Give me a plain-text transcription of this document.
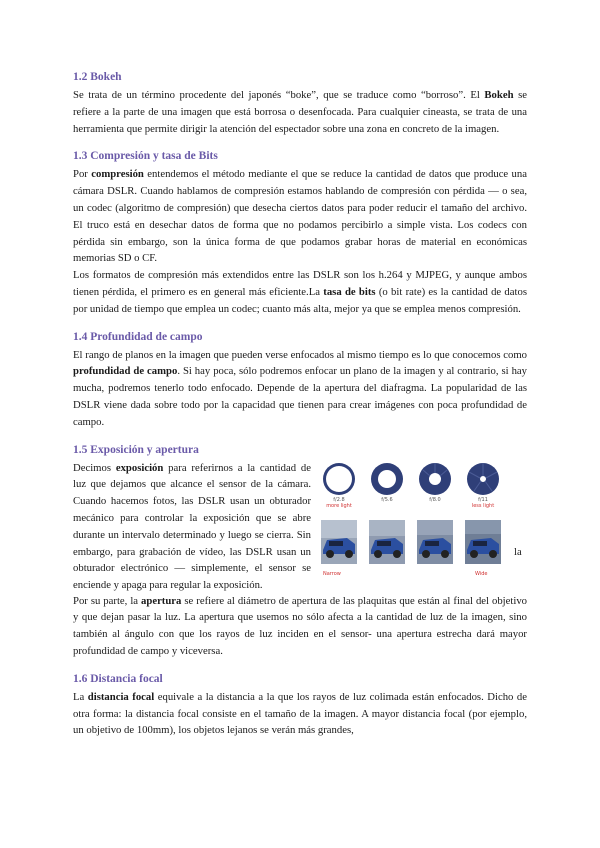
1.2 Bokeh

Se trata de un término procedente del japonés “boke”, que se traduce como “borroso”. El Bokeh se refiere a la parte de una imagen que está borrosa o desenfocada. Para cualquier cineasta, se trata de una herramienta que permite dirigir la atención del espectador sobre una zona en concreto de la imagen.

1.3 Compresión y tasa de Bits

Por compresión entendemos el método mediante el que se reduce la cantidad de datos que produce una cámara DSLR. Cuando hablamos de compresión estamos hablando de compresión con pérdida — o sea, un codec (algoritmo de compresión) que desecha ciertos datos para poder reducir el tamaño del archivo. El truco está en desechar datos de forma que no podamos percibirlo a simple vista. Los codecs con pérdida sin embargo, son la única forma de que podamos grabar horas de material en económicas memorias SD o CF.

Los formatos de compresión más extendidos entre las DSLR son los h.264 y MJPEG, y aunque ambos tienen pérdida, el primero es en general más eficiente.La tasa de bits (o bit rate) es la cantidad de datos por unidad de tiempo que emplea un codec; cuanto más alta, mejor ya que se emplea menos compresión.

1.4 Profundidad de campo

El rango de planos en la imagen que pueden verse enfocados al mismo tiempo es lo que conocemos como profundidad de campo. Si hay poca, sólo podremos enfocar un plano de la imagen y al contrario, si hay mucha, podremos tenerlo todo enfocado. Depende de la apertura del diafragma. La popularidad de las DSLR viene dada sobre todo por la capacidad que tienen para crear imágenes con poca profundidad de campo.

1.5 Exposición y apertura

Decimos exposición para referirnos a la cantidad de luz que dejamos que alcance el sensor de la cámara. Cuando hacemos fotos, las DSLR usan un obturador mecánico para controlar la exposición que se abre durante un intervalo determinado y luego se cierra. Sin embargo, para grabación de vídeo, las DSLR usan un obturador electrónico — simplemente, el sensor se enciende y apaga para regular la exposición.

la
f/2.8
more light
f/5.6	f/8.0	f/11
less light
Narrow	Wide

Por su parte, la apertura se refiere al diámetro de apertura de las plaquitas que están al final del objetivo y que dejan pasar la luz. La apertura que usemos no sólo afecta a la cantidad de luz de la imagen, sino también al ángulo con que los rayos de luz inciden en el sensor- una apertura estrecha dará mayor profundidad de campo y viceversa.

1.6 Distancia focal

La distancia focal equivale a la distancia a la que los rayos de luz colimada están enfocados. Dicho de otra forma: la distancia focal consiste en el tamaño de la imagen. A mayor distancia focal (por ejemplo, un objetivo de 100mm), los objetos lejanos se verán más grandes,
